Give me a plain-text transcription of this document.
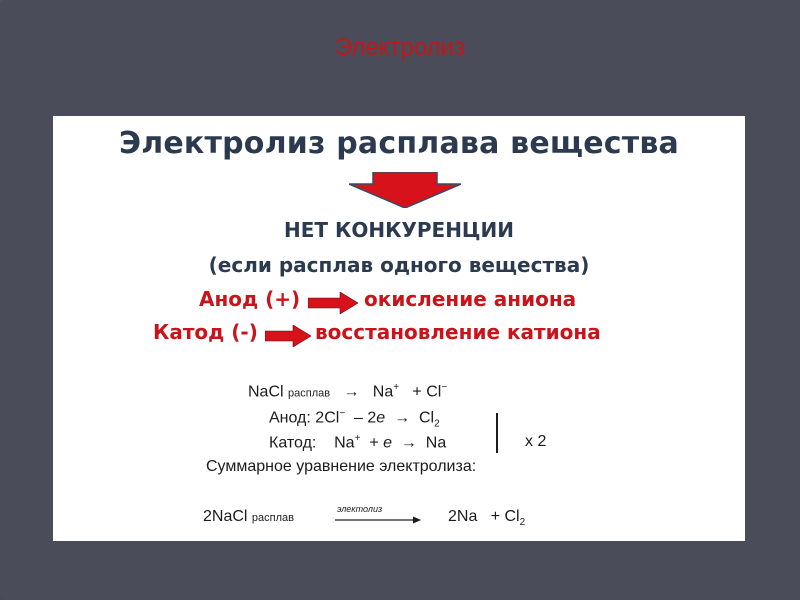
Электролиз
Электролиз расплава вещества
НЕТ КОНКУРЕНЦИИ
(если расплав одного вещества)
Анод (+)	окисление аниона
Катод (-)	восстановление катиона
NaCl расплав → Na+ + Cl−
Анод: $2Cl^- - 2e \to Cl_2$
Катод: Na+ + e → Na	x 2
Суммарное уравнение электролиза:
2NaCl расплав
электолиз	$2Na + Cl_2$
